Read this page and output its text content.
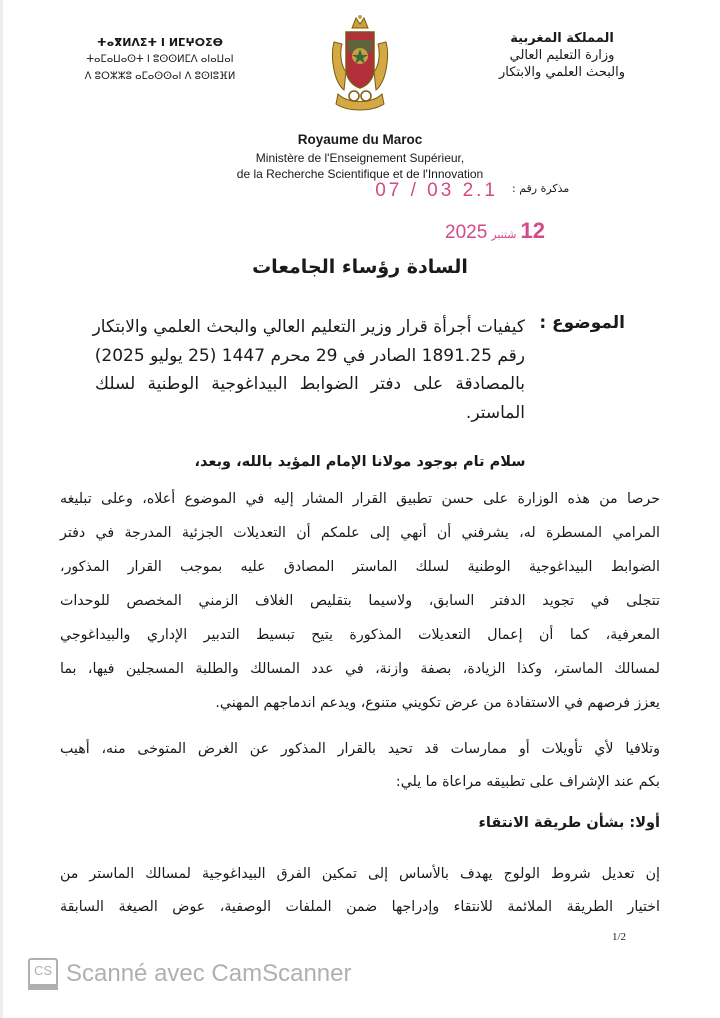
ⵜⴰⴳⵍⴷⵉⵜ ⵏ ⵍⵎⵖⵔⵉⴱ
ⵜⴰⵎⴰⵡⴰⵙⵜ ⵏ ⵓⵙⵙⵍⵎⴷ ⴰⵏⴰⵡⴰⵏ
ⴷ ⵓⵔⵣⵣⵓ ⴰⵎⴰⵙⵙⴰⵏ ⴷ ⵓⵙⵏⵓⴼⵍ
المملكة المغربية
وزارة التعليم العالي
والبحث العلمي والابتكار
Royaume du Maroc
Ministère de l'Enseignement Supérieur,
de la Recherche Scientifique et de l'Innovation
مذكرة رقم :
07 / 03 2.1
12شتنبر2025
السادة رؤساء الجامعات
الموضوع :
كيفيات أجرأة قرار وزير التعليم العالي والبحث العلمي والابتكار
رقم 1891.25 الصادر في 29 محرم 1447 (25 يوليو 2025)
بالمصادقة على دفتر الضوابط البيداغوجية الوطنية لسلك
الماستر.
سلام تام بوجود مولانا الإمام المؤيد بالله، وبعد،
حرصا من هذه الوزارة على حسن تطبيق القرار المشار إليه في الموضوع أعلاه، وعلى تبليغه
المرامي المسطرة له، يشرفني أن أنهي إلى علمكم أن التعديلات الجزئية المدرجة في دفتر
الضوابط البيداغوجية الوطنية لسلك الماستر المصادق عليه بموجب القرار المذكور،
تتجلى في تجويد الدفتر السابق، ولاسيما بتقليص الغلاف الزمني المخصص للوحدات
المعرفية، كما أن إعمال التعديلات المذكورة يتيح تبسيط التدبير الإداري والبيداغوجي
لمسالك الماستر، وكذا الزيادة، بصفة وازنة، في عدد المسالك والطلبة المسجلين فيها، بما
يعزز فرصهم في الاستفادة من عرض تكويني متنوع، ويدعم اندماجهم المهني.
وتلافيا لأي تأويلات أو ممارسات قد تحيد بالقرار المذكور عن الغرض المتوخى منه، أهيب
بكم عند الإشراف على تطبيقه مراعاة ما يلي:
أولا: بشأن طريقة الانتقاء
إن تعديل شروط الولوج يهدف بالأساس إلى تمكين الفرق البيداغوجية لمسالك الماستر من
اختيار الطريقة الملائمة للانتقاء وإدراجها ضمن الملفات الوصفية، عوض الصيغة السابقة
1/2
CS Scanné avec CamScanner
